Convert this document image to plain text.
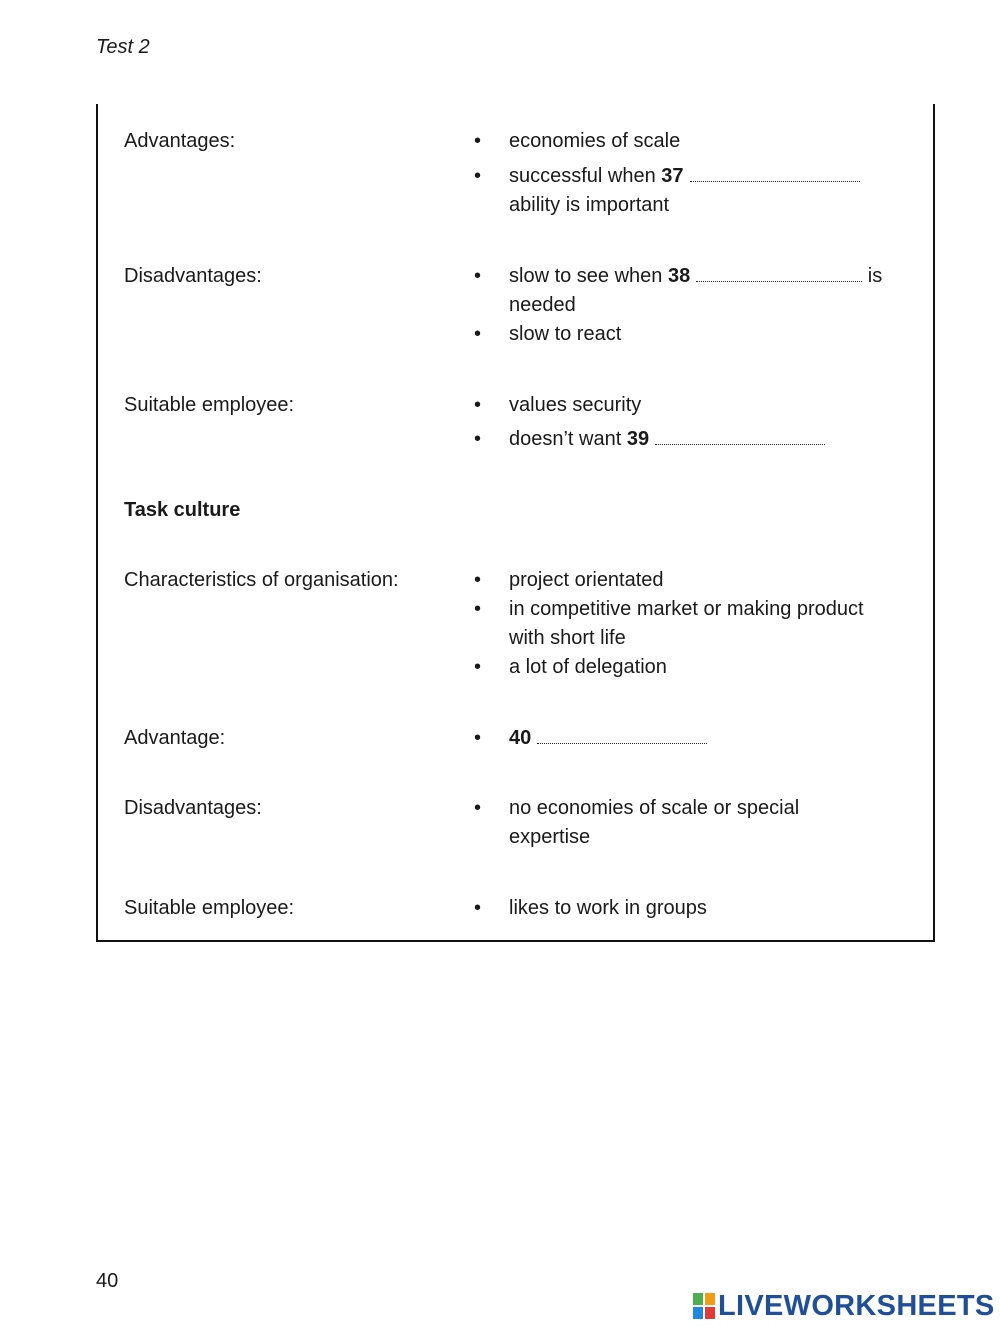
Test 2
Advantages:	• economies of scale
• successful when 37
ability is important
Disadvantages:	• slow to see when 38	is
needed
• slow to react
Suitable employee:	• values security
• doesn’t want 39
Task culture
Characteristics of organisation:	• project orientated
• in competitive market or making product
with short life
• a lot of delegation
Advantage:	• 40
Disadvantages:	• no economies of scale or special
expertise
Suitable employee:	• likes to work in groups
40
LIVEWORKSHEETS
